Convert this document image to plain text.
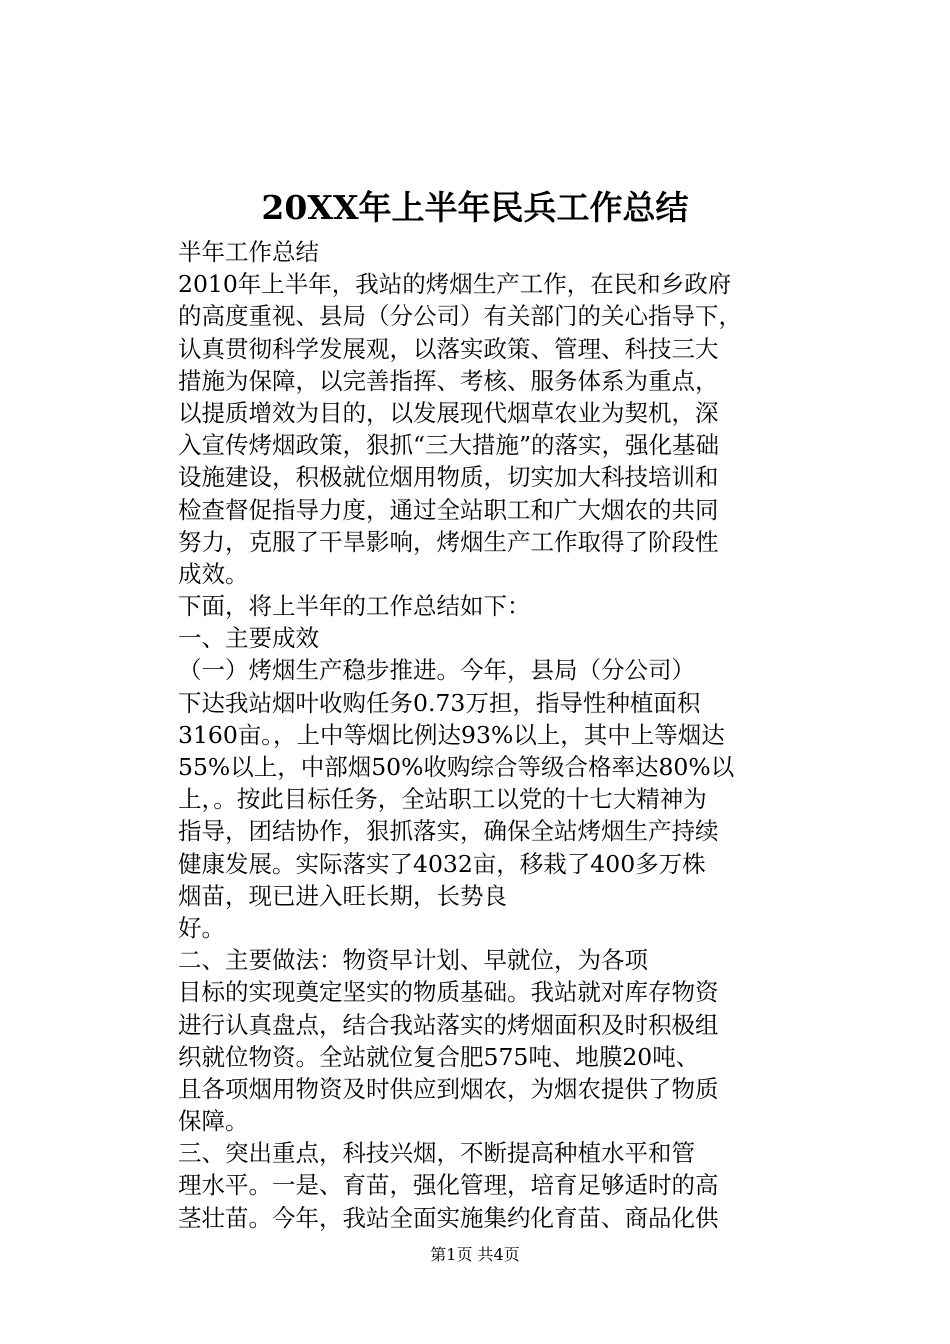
20XX年上半年民兵工作总结
半年工作总结
2010年上半年，我站的烤烟生产工作，在民和乡政府
的高度重视、县局（分公司）有关部门的关心指导下，
认真贯彻科学发展观，以落实政策、管理、科技三大
措施为保障，以完善指挥、考核、服务体系为重点，
以提质增效为目的，以发展现代烟草农业为契机，深
入宣传烤烟政策，狠抓“三大措施”的落实，强化基础
设施建设，积极就位烟用物质，切实加大科技培训和
检查督促指导力度，通过全站职工和广大烟农的共同
努力，克服了干旱影响，烤烟生产工作取得了阶段性
成效。
下面，将上半年的工作总结如下：
一、主要成效
（一）烤烟生产稳步推进。今年，县局（分公司）
下达我站烟叶收购任务0.73万担，指导性种植面积
3160亩。，上中等烟比例达93%以上，其中上等烟达
55%以上，中部烟50%收购综合等级合格率达80%以
上，。按此目标任务，全站职工以党的十七大精神为
指导，团结协作，狠抓落实，确保全站烤烟生产持续
健康发展。实际落实了4032亩，移栽了400多万株
烟苗，现已进入旺长期，长势良
好。
二、主要做法：物资早计划、早就位，为各项
目标的实现奠定坚实的物质基础。我站就对库存物资
进行认真盘点，结合我站落实的烤烟面积及时积极组
织就位物资。全站就位复合肥575吨、地膜20吨、
且各项烟用物资及时供应到烟农，为烟农提供了物质
保障。
三、突出重点，科技兴烟，不断提高种植水平和管
理水平。一是、育苗，强化管理，培育足够适时的高
茎壮苗。今年，我站全面实施集约化育苗、商品化供
第1页 共4页
